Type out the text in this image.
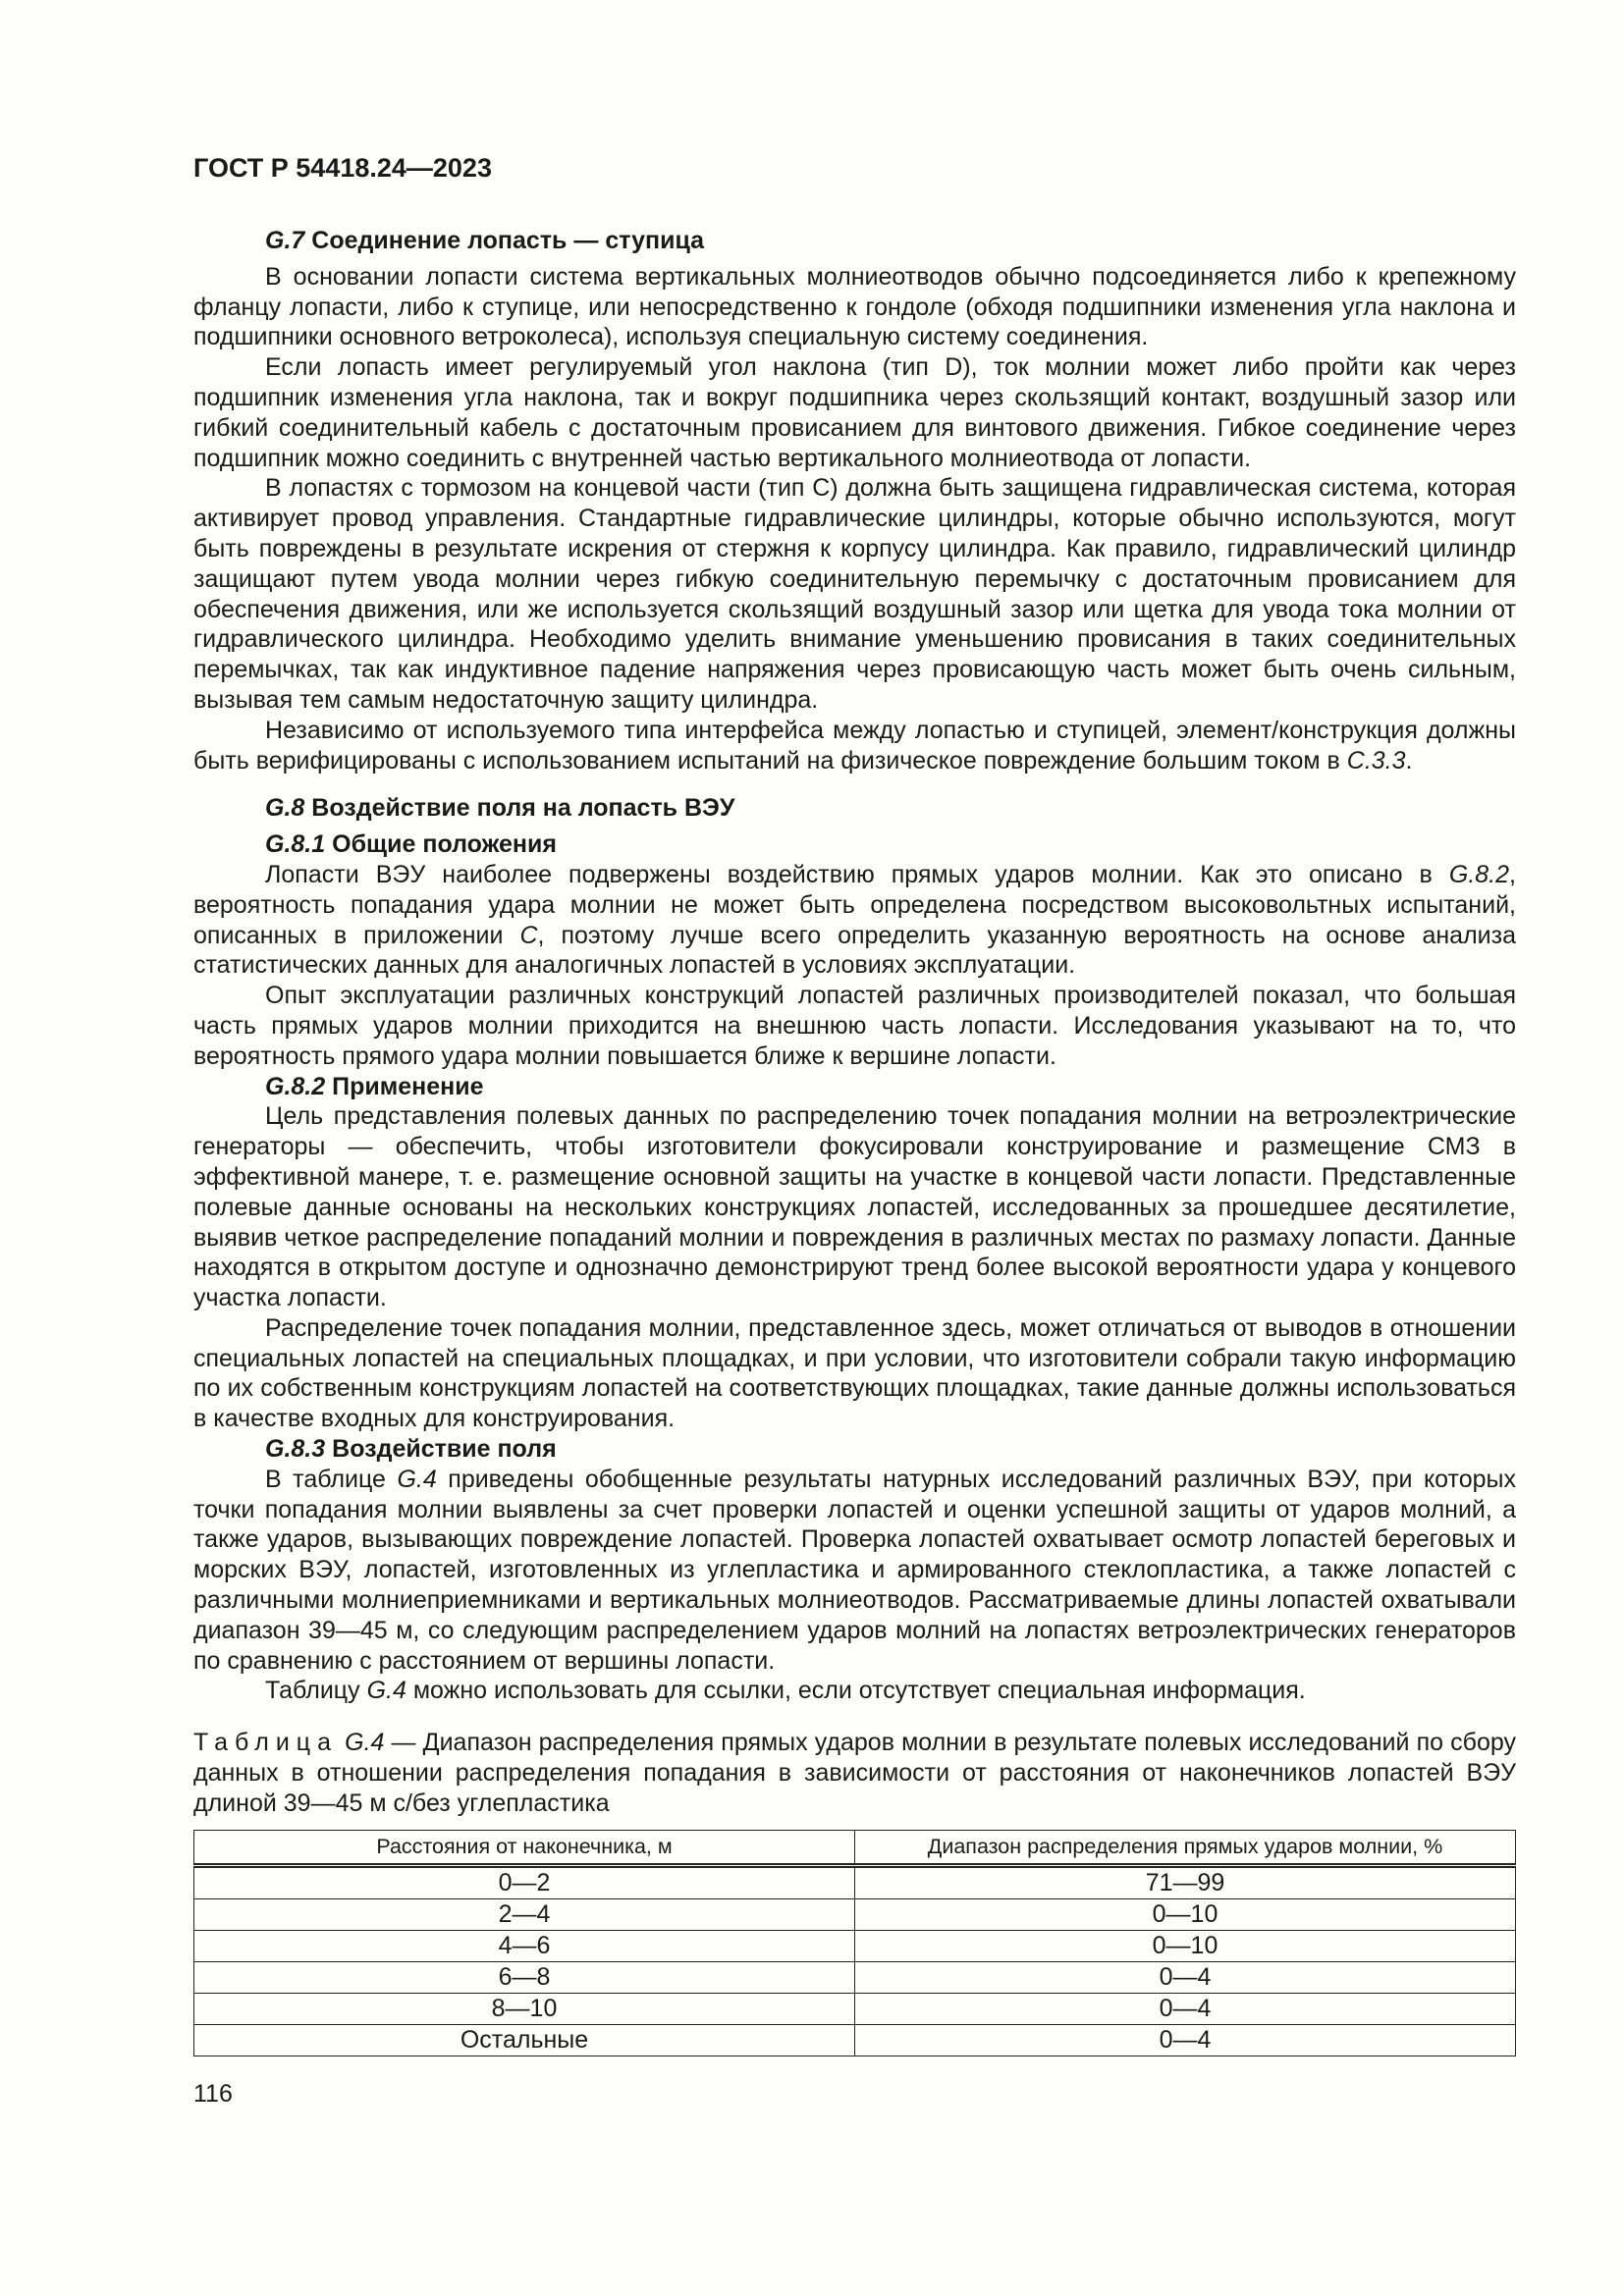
ГОСТ Р 54418.24—2023
G.7 Соединение лопасть — ступица

В основании лопасти система вертикальных молниеотводов обычно подсоединяется либо к крепежному фланцу лопасти, либо к ступице, или непосредственно к гондоле (обходя подшипники изменения угла наклона и подшипники основного ветроколеса), используя специальную систему соединения.

Если лопасть имеет регулируемый угол наклона (тип D), ток молнии может либо пройти как через подшипник изменения угла наклона, так и вокруг подшипника через скользящий контакт, воздушный зазор или гибкий соединительный кабель с достаточным провисанием для винтового движения. Гибкое соединение через подшипник можно соединить с внутренней частью вертикального молниеотвода от лопасти.

В лопастях с тормозом на концевой части (тип C) должна быть защищена гидравлическая система, которая активирует провод управления. Стандартные гидравлические цилиндры, которые обычно используются, могут быть повреждены в результате искрения от стержня к корпусу цилиндра. Как правило, гидравлический цилиндр защищают путем увода молнии через гибкую соединительную перемычку с достаточным провисанием для обеспечения движения, или же используется скользящий воздушный зазор или щетка для увода тока молнии от гидравлического цилиндра. Необходимо уделить внимание уменьшению провисания в таких соединительных перемычках, так как индуктивное падение напряжения через провисающую часть может быть очень сильным, вызывая тем самым недостаточную защиту цилиндра.

Независимо от используемого типа интерфейса между лопастью и ступицей, элемент/конструкция должны быть верифицированы с использованием испытаний на физическое повреждение большим током в C.3.3.

G.8 Воздействие поля на лопасть ВЭУ
G.8.1 Общие положения

Лопасти ВЭУ наиболее подвержены воздействию прямых ударов молнии. Как это описано в G.8.2, вероятность попадания удара молнии не может быть определена посредством высоковольтных испытаний, описанных в приложении C, поэтому лучше всего определить указанную вероятность на основе анализа статистических данных для аналогичных лопастей в условиях эксплуатации.

Опыт эксплуатации различных конструкций лопастей различных производителей показал, что большая часть прямых ударов молнии приходится на внешнюю часть лопасти. Исследования указывают на то, что вероятность прямого удара молнии повышается ближе к вершине лопасти.

G.8.2 Применение

Цель представления полевых данных по распределению точек попадания молнии на ветроэлектрические генераторы — обеспечить, чтобы изготовители фокусировали конструирование и размещение СМЗ в эффективной манере, т. е. размещение основной защиты на участке в концевой части лопасти. Представленные полевые данные основаны на нескольких конструкциях лопастей, исследованных за прошедшее десятилетие, выявив четкое распределение попаданий молнии и повреждения в различных местах по размаху лопасти. Данные находятся в открытом доступе и однозначно демонстрируют тренд более высокой вероятности удара у концевого участка лопасти.

Распределение точек попадания молнии, представленное здесь, может отличаться от выводов в отношении специальных лопастей на специальных площадках, и при условии, что изготовители собрали такую информацию по их собственным конструкциям лопастей на соответствующих площадках, такие данные должны использоваться в качестве входных для конструирования.

G.8.3 Воздействие поля

В таблице G.4 приведены обобщенные результаты натурных исследований различных ВЭУ, при которых точки попадания молнии выявлены за счет проверки лопастей и оценки успешной защиты от ударов молний, а также ударов, вызывающих повреждение лопастей. Проверка лопастей охватывает осмотр лопастей береговых и морских ВЭУ, лопастей, изготовленных из углепластика и армированного стеклопластика, а также лопастей с различными молниеприемниками и вертикальных молниеотводов. Рассматриваемые длины лопастей охватывали диапазон 39—45 м, со следующим распределением ударов молний на лопастях ветроэлектрических генераторов по сравнению с расстоянием от вершины лопасти.

Таблицу G.4 можно использовать для ссылки, если отсутствует специальная информация.

Таблица G.4 — Диапазон распределения прямых ударов молнии в результате полевых исследований по сбору данных в отношении распределения попадания в зависимости от расстояния от наконечников лопастей ВЭУ длиной 39—45 м с/без углепластика
Расстояния от наконечника, м	Диапазон распределения прямых ударов молнии, %
0—2	71—99
2—4	0—10
4—6	0—10
6—8	0—4
8—10	0—4
Остальные	0—4
116
